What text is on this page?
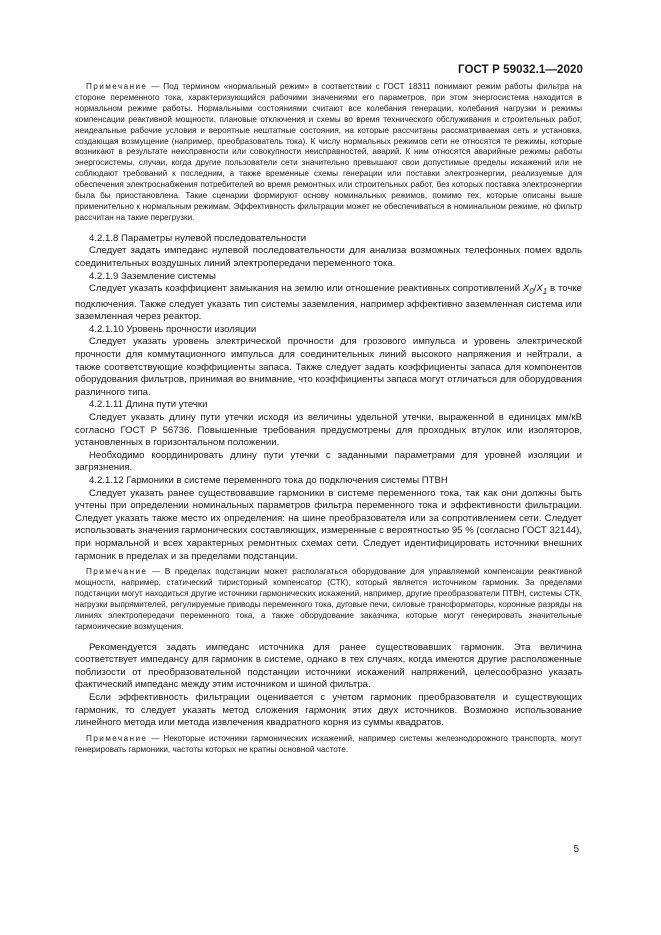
ГОСТ Р 59032.1—2020

Примечание — Под термином «нормальный режим» в соответствии с ГОСТ 18311 понимают режим работы фильтра на стороне переменного тока, характеризующийся рабочими значениями его параметров, при этом энергосистема находится в нормальном режиме работы. Нормальными состояниями считают все колебания генерации, колебания нагрузки и режимы компенсации реактивной мощности, плановые отключения и схемы во время технического обслуживания и строительных работ, неидеальные рабочие условия и вероятные нештатные состояния, на которые рассчитаны рассматриваемая сеть и установка, создающая возмущение (например, преобразователь тока). К числу нормальных режимов сети не относятся те режимы, которые возникают в результате неисправности или совокупности неисправностей, аварий. К ним относятся аварийные режимы работы энергосистемы, случаи, когда другие пользователи сети значительно превышают свои допустимые пределы искажений или не соблюдают требований к последним, а также временные схемы генерации или поставки электроэнергии, реализуемые для обеспечения электроснабжения потребителей во время ремонтных или строительных работ, без которых поставка электроэнергии была бы приостановлена. Такие сценарии формируют основу номинальных режимов, помимо тех, которые описаны выше применительно к нормальным режимам. Эффективность фильтрации может не обеспечиваться в номинальном режиме, но фильтр рассчитан на такие перегрузки.

4.2.1.8 Параметры нулевой последовательности

Следует задать импеданс нулевой последовательности для анализа возможных телефонных помех вдоль соединительных воздушных линий электропередачи переменного тока.

4.2.1.9 Заземление системы

Следует указать коэффициент замыкания на землю или отношение реактивных сопротивлений $X_0/X_1$ в точке подключения. Также следует указать тип системы заземления, например эффективно заземленная система или заземленная через реактор.

4.2.1.10 Уровень прочности изоляции

Следует указать уровень электрической прочности для грозового импульса и уровень электрической прочности для коммутационного импульса для соединительных линий высокого напряжения и нейтрали, а также соответствующие коэффициенты запаса. Также следует задать коэффициенты запаса для компонентов оборудования фильтров, принимая во внимание, что коэффициенты запаса могут отличаться для оборудования различного типа.

4.2.1.11 Длина пути утечки

Следует указать длину пути утечки исходя из величины удельной утечки, выраженной в единицах мм/кВ согласно ГОСТ Р 56736. Повышенные требования предусмотрены для проходных втулок или изоляторов, установленных в горизонтальном положении.

Необходимо координировать длину пути утечки с заданными параметрами для уровней изоляции и загрязнения.

4.2.1.12 Гармоники в системе переменного тока до подключения системы ПТВН

Следует указать ранее существовавшие гармоники в системе переменного тока, так как они должны быть учтены при определении номинальных параметров фильтра переменного тока и эффективности фильтрации. Следует указать также место их определения: на шине преобразователя или за сопротивлением сети. Следует использовать значения гармонических составляющих, измеренные с вероятностью 95 % (согласно ГОСТ 32144), при нормальной и всех характерных ремонтных схемах сети. Следует идентифицировать источники внешних гармоник в пределах и за пределами подстанции.

Примечание — В пределах подстанции может располагаться оборудование для управляемой компенсации реактивной мощности, например, статический тиристорный компенсатор (СТК), который является источником гармоник. За пределами подстанции могут находиться другие источники гармонических искажений, например, другие преобразователи ПТВН, системы СТК, нагрузки выпрямителей, регулируемые приводы переменного тока, дуговые печи, силовые трансформаторы, коронные разряды на линиях электропередачи переменного тока, а также оборудование заказчика, которые могут генерировать значительные гармонические возмущения.

Рекомендуется задать импеданс источника для ранее существовавших гармоник. Эта величина соответствует импедансу для гармоник в системе, однако в тех случаях, когда имеются другие расположенные поблизости от преобразовательной подстанции источники искажений напряжений, целесообразно указать фактический импеданс между этим источником и шиной фильтра.

Если эффективность фильтрации оценивается с учетом гармоник преобразователя и существующих гармоник, то следует указать метод сложения гармоник этих двух источников. Возможно использование линейного метода или метода извлечения квадратного корня из суммы квадратов.

Примечание — Некоторые источники гармонических искажений, например системы железнодорожного транспорта, могут генерировать гармоники, частоты которых не кратны основной частоте.

5
